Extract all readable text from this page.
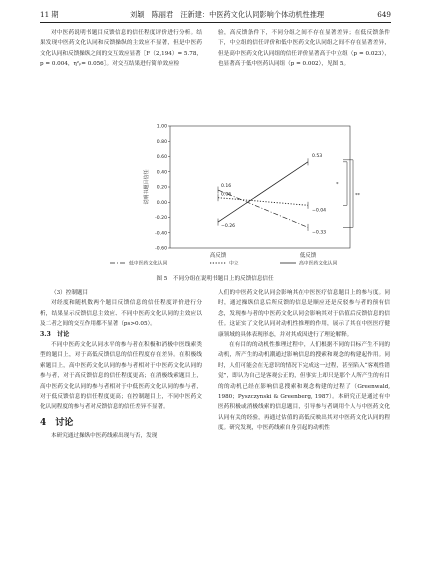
11 期	刘颖　陈丽君　汪新建：中医药文化认同影响个体动机性推理	649

对中医药说明书题目反馈信息的信任程度评价进行分析。结果发现中医药文化认同和反馈操纵的主效应不显著，但是中医药文化认同和反馈操纵之间的交互效应显著［F（2,194）= 5.78，p = 0.004，η²ₚ= 0.056］。对交互结果进行简单效应检

验，高反馈条件下，不同分组之间不存在显著差异；在低反馈条件下，中立组的信任评价和低中医药文化认同组之间不存在显著差异，但是高中医药文化认同组的信任评价显著高于中立组（p = 0.023），也显著高于低中医药认同组（p = 0.002），见图 5。

-0.60
-0.40
-0.20
0.00
0.20
0.40
0.60
0.80
1.00
说明书题目信任
高反馈	低反馈
0.16
−0.33
0.06
−0.04
−0.26
0.53
*
**
低中医药文化认同	中立	高中医药文化认同
图 5　不同分组在说明书题目上的反馈信息信任

（3）控制题目

对经度和随机数两个题目反馈信息的信任程度评价进行分析，结果显示反馈信息主效应、不同中医药文化认同的主效应以及二者之间的交互作用都不显著（ps>0.05）。

3.3　讨论

不同中医药文化认同水平的参与者在积极和消极中医线索类型的题目上，对于高低反馈信息的信任程度存在差异。在积极线索题目上，高中医药文化认同的参与者相对于中医药文化认同的参与者，对于高反馈信息的信任程度更高；在消极线索题目上，高中医药文化认同的参与者相对于中低医药文化认同的参与者，对于低反馈信息的信任程度更高；在控制题目上，不同中医药文化认同程度的参与者对反馈信息的信任差异不显著。

4　讨论

本研究通过操纵中医药线索出现与否，发现

人们的中医药文化认同会影响其在中医医疗信息题目上的参与度。同时，通过操纵信息后所反馈的信息是顺应还是反驳参与者的预有信念，发现参与者的中医药文化认同会影响其对于估值后反馈信息的信任。这证实了文化认同对动机性推理的作用，展示了其在中医医疗健康领域的具体表现形态，并对其成因进行了理论解释。

在有目的的动机性推理过程中，人们根据不同的目标产生不同的动机，所产生的动机潮通过影响信息的搜索和观念的构建起作用。同时，人们可能会在无意识的情况下完成这一过程，甚至陷入“客观性错觉”，即认为自己是客观公正的，但事实上却只是那个人所产生的有目的的动机已经在影响信息搜索和观念构建的过程了（Greenwald, 1980；Pyszczynski & Greenberg, 1987）。本研究正是通过有中医药积极或消极线索的信息题目，引导参与者调用个人与中医药文化认同有关的经验，再通过估值的高低反映出其对中医药文化认同的程度。研究发现，中医药线索自身引起的动机性
